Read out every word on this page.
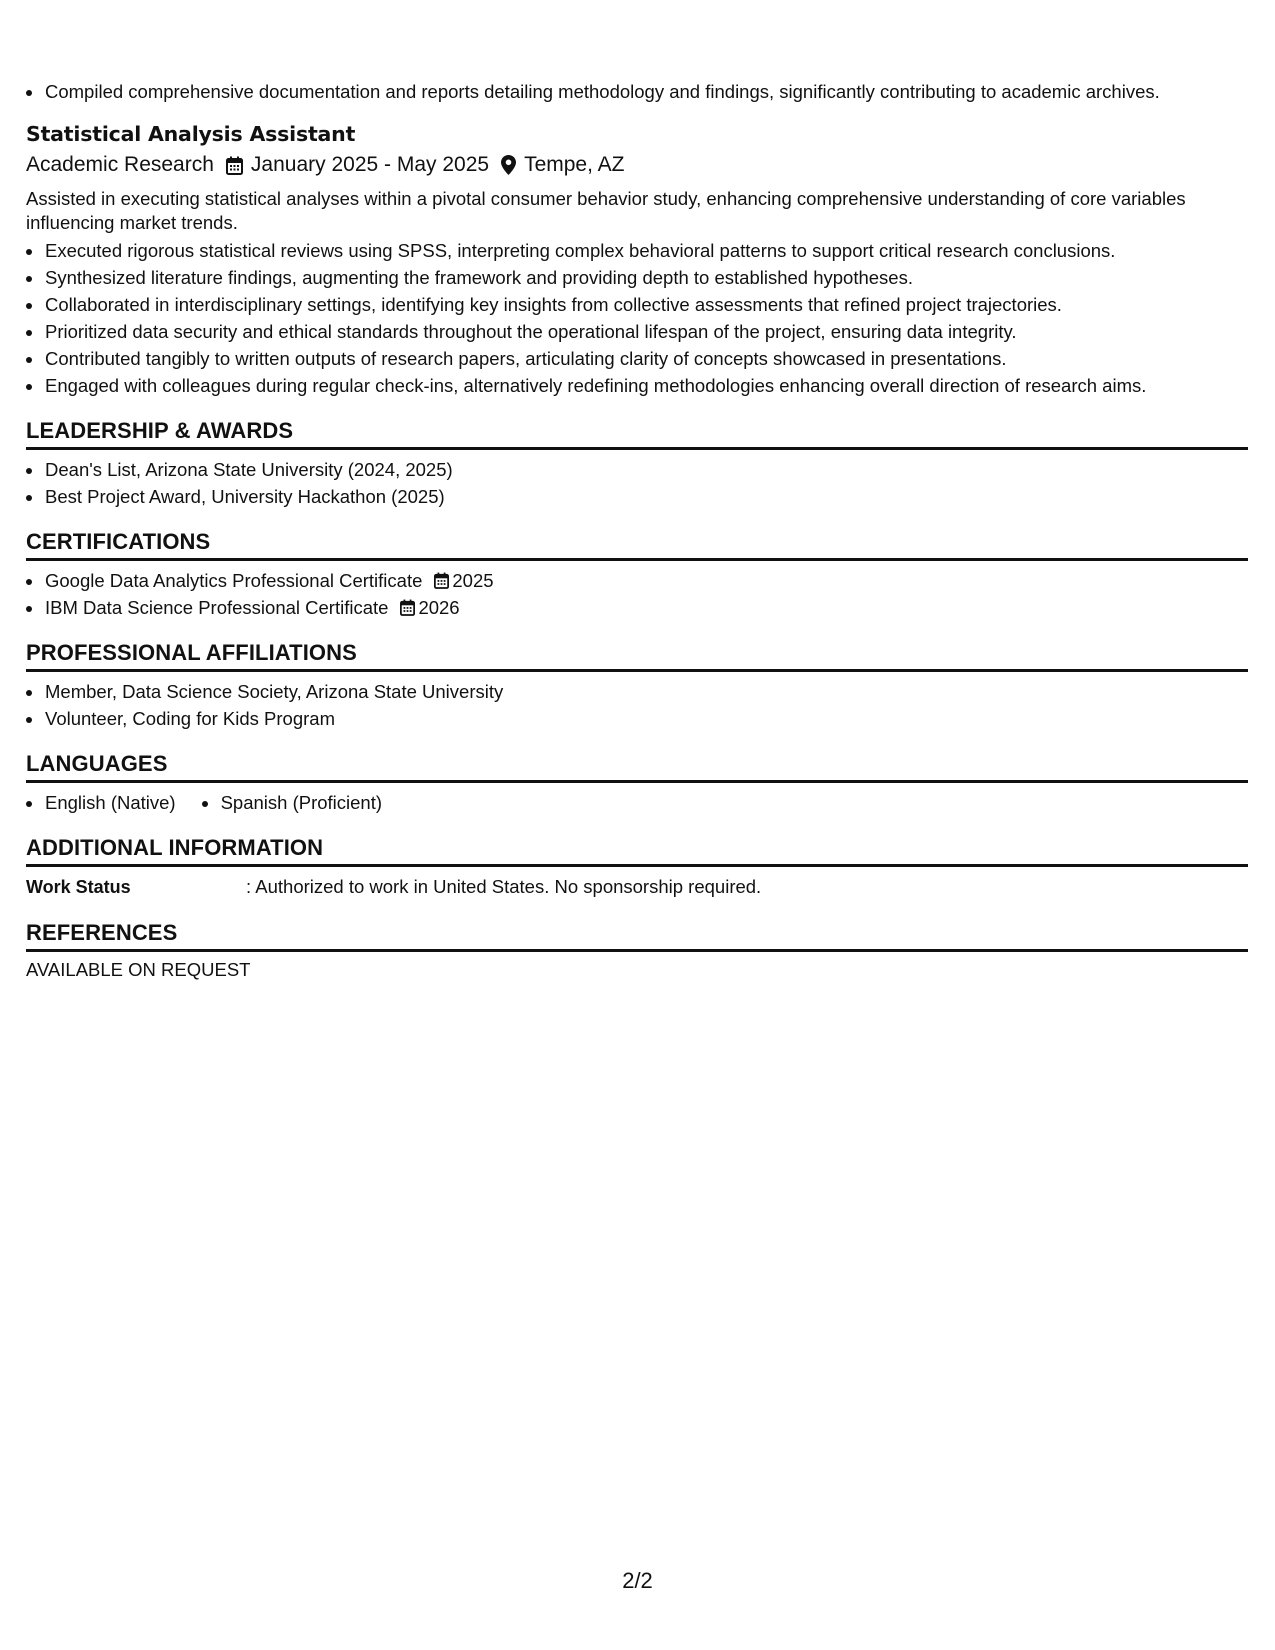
• Compiled comprehensive documentation and reports detailing methodology and findings, significantly contributing to academic archives.
Statistical Analysis Assistant
Academic Research January 2025 - May 2025 Tempe, AZ
Assisted in executing statistical analyses within a pivotal consumer behavior study, enhancing comprehensive understanding of core variables influencing market trends.
• Executed rigorous statistical reviews using SPSS, interpreting complex behavioral patterns to support critical research conclusions.
• Synthesized literature findings, augmenting the framework and providing depth to established hypotheses.
• Collaborated in interdisciplinary settings, identifying key insights from collective assessments that refined project trajectories.
• Prioritized data security and ethical standards throughout the operational lifespan of the project, ensuring data integrity.
• Contributed tangibly to written outputs of research papers, articulating clarity of concepts showcased in presentations.
• Engaged with colleagues during regular check-ins, alternatively redefining methodologies enhancing overall direction of research aims.
LEADERSHIP & AWARDS
• Dean's List, Arizona State University (2024, 2025)
• Best Project Award, University Hackathon (2025)
CERTIFICATIONS
• Google Data Analytics Professional Certificate 2025
• IBM Data Science Professional Certificate 2026
PROFESSIONAL AFFILIATIONS
• Member, Data Science Society, Arizona State University
• Volunteer, Coding for Kids Program
LANGUAGES
• English (Native)
• Spanish (Proficient)
ADDITIONAL INFORMATION
Work Status	: Authorized to work in United States. No sponsorship required.
REFERENCES
AVAILABLE ON REQUEST
2/2
